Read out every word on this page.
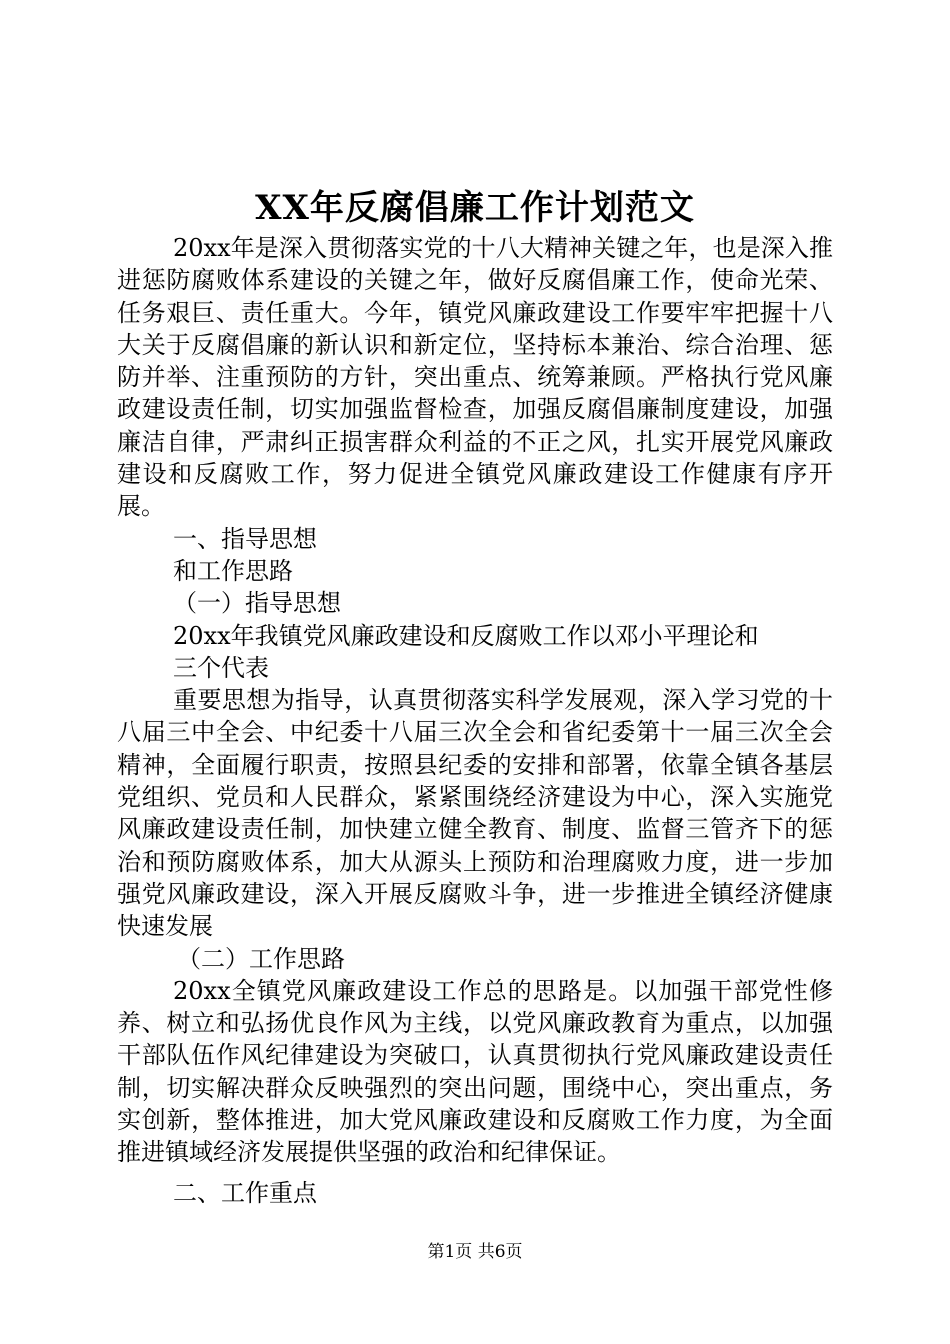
XX年反腐倡廉工作计划范文

20xx年是深入贯彻落实党的十八大精神关键之年，也是深入推进惩防腐败体系建设的关键之年，做好反腐倡廉工作，使命光荣、任务艰巨、责任重大。今年，镇党风廉政建设工作要牢牢把握十八大关于反腐倡廉的新认识和新定位，坚持标本兼治、综合治理、惩防并举、注重预防的方针，突出重点、统筹兼顾。严格执行党风廉政建设责任制，切实加强监督检查，加强反腐倡廉制度建设，加强廉洁自律，严肃纠正损害群众利益的不正之风，扎实开展党风廉政建设和反腐败工作，努力促进全镇党风廉政建设工作健康有序开展。

一、指导思想

和工作思路

（一）指导思想

20xx年我镇党风廉政建设和反腐败工作以邓小平理论和

三个代表

重要思想为指导，认真贯彻落实科学发展观，深入学习党的十八届三中全会、中纪委十八届三次全会和省纪委第十一届三次全会精神，全面履行职责，按照县纪委的安排和部署，依靠全镇各基层党组织、党员和人民群众，紧紧围绕经济建设为中心，深入实施党风廉政建设责任制，加快建立健全教育、制度、监督三管齐下的惩治和预防腐败体系，加大从源头上预防和治理腐败力度，进一步加强党风廉政建设，深入开展反腐败斗争，进一步推进全镇经济健康快速发展

（二）工作思路

20xx全镇党风廉政建设工作总的思路是。以加强干部党性修养、树立和弘扬优良作风为主线，以党风廉政教育为重点，以加强干部队伍作风纪律建设为突破口，认真贯彻执行党风廉政建设责任制，切实解决群众反映强烈的突出问题，围绕中心，突出重点，务实创新，整体推进，加大党风廉政建设和反腐败工作力度，为全面推进镇域经济发展提供坚强的政治和纪律保证。

二、工作重点

第1页 共6页
